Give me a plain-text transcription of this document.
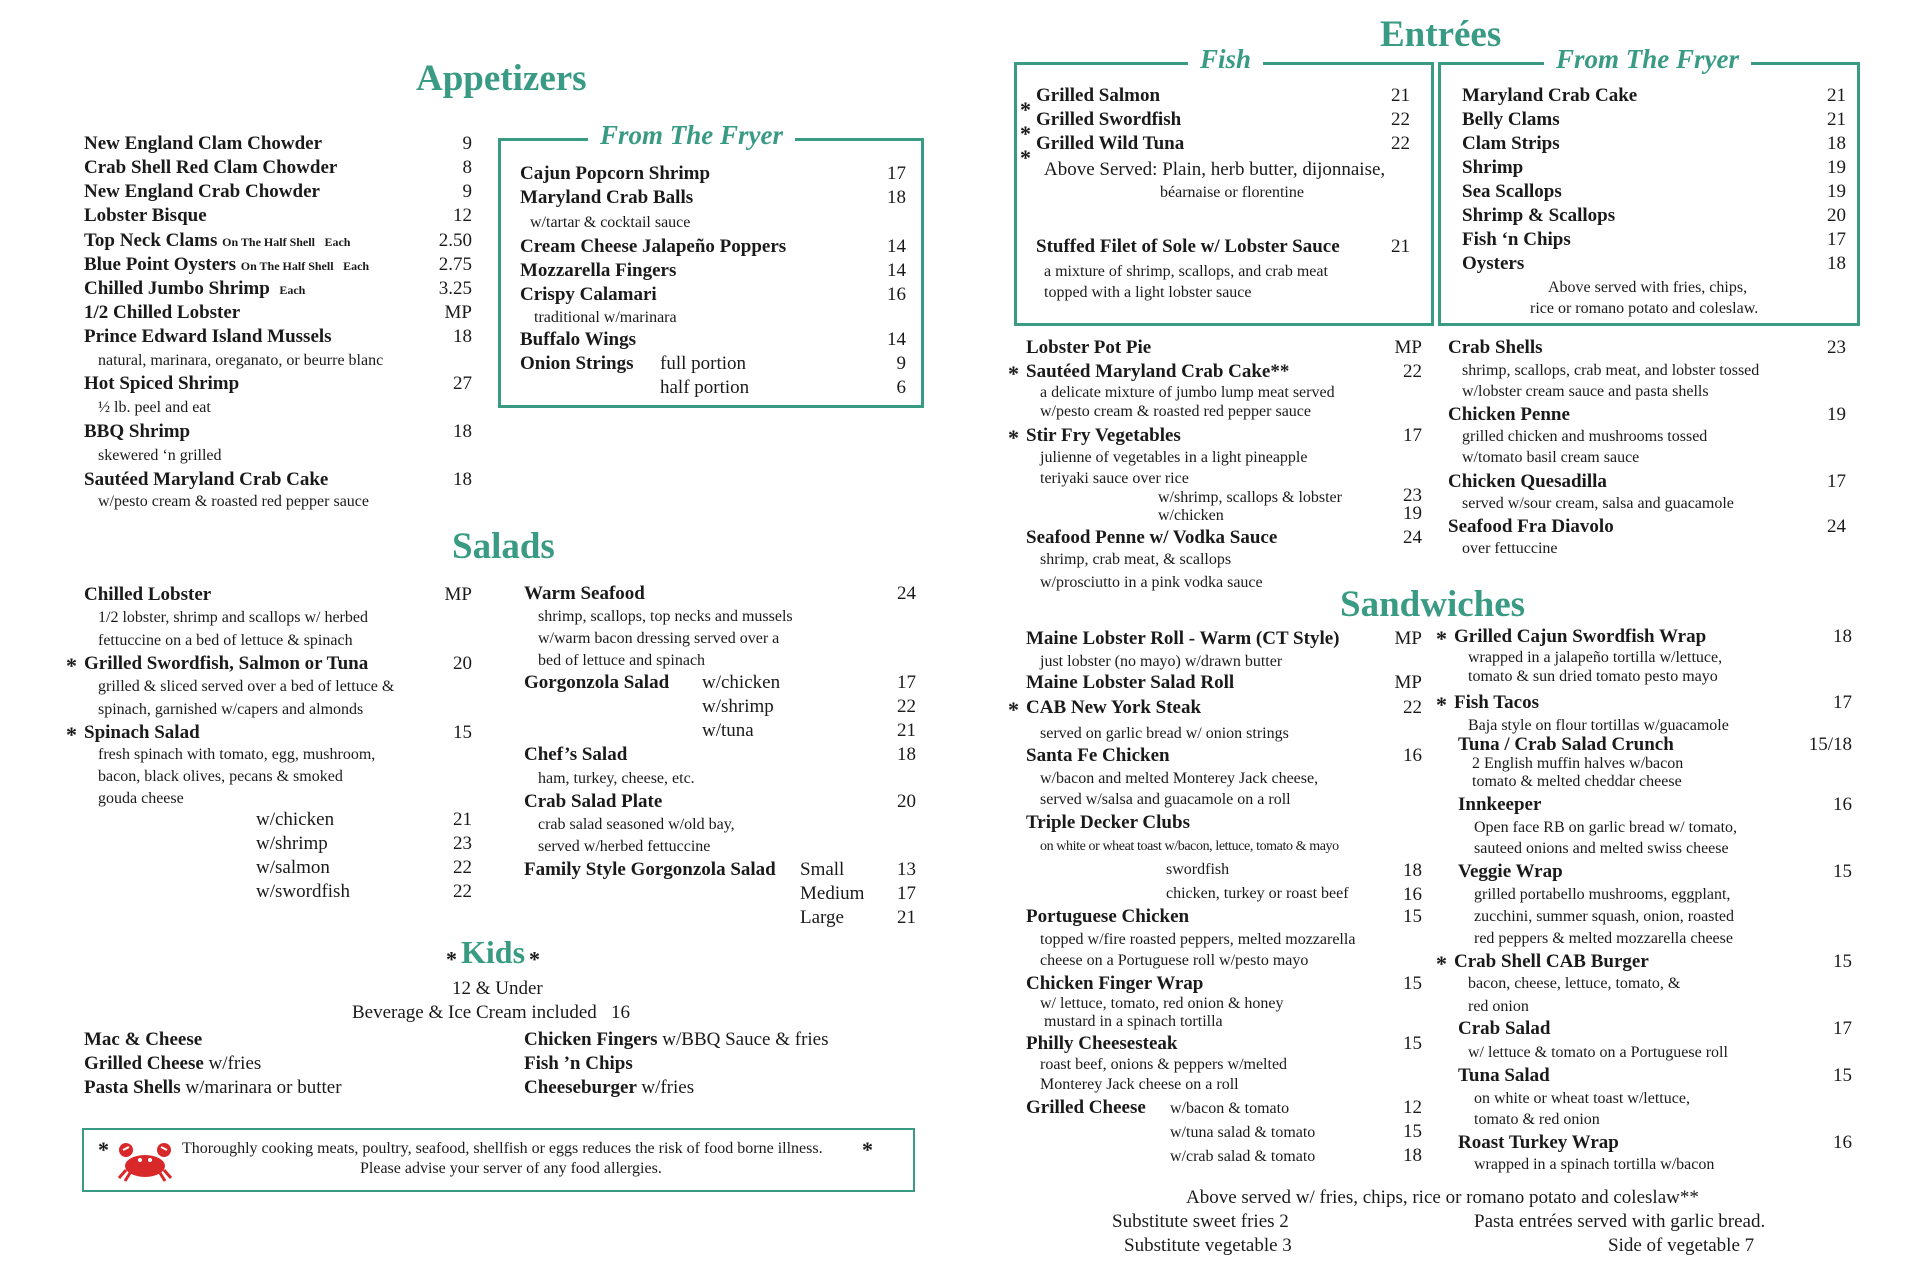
Appetizers
New England Clam Chowder	9
Crab Shell Red Clam Chowder	8
New England Crab Chowder	9
Lobster Bisque	12
Top Neck Clams On The Half Shell Each	2.50
Blue Point Oysters On The Half Shell Each	2.75
Chilled Jumbo Shrimp Each	3.25
1/2 Chilled Lobster	MP
Prince Edward Island Mussels	18
natural, marinara, oreganato, or beurre blanc
Hot Spiced Shrimp	27
½ lb. peel and eat
BBQ Shrimp	18
skewered ‘n grilled
Sautéed Maryland Crab Cake	18
w/pesto cream & roasted red pepper sauce
From The Fryer
Cajun Popcorn Shrimp	17
Maryland Crab Balls	18
w/tartar & cocktail sauce
Cream Cheese Jalapeño Poppers	14
Mozzarella Fingers	14
Crispy Calamari	16
traditional w/marinara
Buffalo Wings	14
Onion Strings full portion	9
half portion	6
Salads
Chilled Lobster	MP
1/2 lobster, shrimp and scallops w/ herbed
fettuccine on a bed of lettuce & spinach
* Grilled Swordfish, Salmon or Tuna	20
grilled & sliced served over a bed of lettuce &
spinach, garnished w/capers and almonds
* Spinach Salad	15
fresh spinach with tomato, egg, mushroom,
bacon, black olives, pecans & smoked
gouda cheese
w/chicken	21
w/shrimp	23
w/salmon	22
w/swordfish	22
Warm Seafood	24
shrimp, scallops, top necks and mussels
w/warm bacon dressing served over a
bed of lettuce and spinach
Gorgonzola Salad w/chicken	17
w/shrimp	22
w/tuna	21
Chef’s Salad	18
ham, turkey, cheese, etc.
Crab Salad Plate	20
crab salad seasoned w/old bay,
served w/herbed fettuccine
Family Style Gorgonzola Salad Small	13
Medium	17
Large	21
* Kids *
12 & Under
Beverage & Ice Cream included 16
Mac & Cheese
Grilled Cheese w/fries
Pasta Shells w/marinara or butter
Chicken Fingers w/BBQ Sauce & fries
Fish ’n Chips
Cheeseburger w/fries
*	Thoroughly cooking meats, poultry, seafood, shellfish or eggs reduces the risk of food borne illness. *
Please advise your server of any food allergies.
Entrées
Fish
*
Grilled Salmon	21
*
Grilled Swordfish	22
*
Grilled Wild Tuna	22
Above Served: Plain, herb butter, dijonnaise,
béarnaise or florentine
Stuffed Filet of Sole w/ Lobster Sauce	21
a mixture of shrimp, scallops, and crab meat
topped with a light lobster sauce
From The Fryer
Maryland Crab Cake	21
Belly Clams	21
Clam Strips	18
Shrimp	19
Sea Scallops	19
Shrimp & Scallops	20
Fish ‘n Chips	17
Oysters	18
Above served with fries, chips,
rice or romano potato and coleslaw.
Lobster Pot Pie	MP
* Sautéed Maryland Crab Cake**	22
a delicate mixture of jumbo lump meat served
w/pesto cream & roasted red pepper sauce
* Stir Fry Vegetables	17
julienne of vegetables in a light pineapple
teriyaki sauce over rice
w/shrimp, scallops & lobster	23
w/chicken	19
Seafood Penne w/ Vodka Sauce	24
shrimp, crab meat, & scallops
w/prosciutto in a pink vodka sauce
Crab Shells	23
shrimp, scallops, crab meat, and lobster tossed
w/lobster cream sauce and pasta shells
Chicken Penne	19
grilled chicken and mushrooms tossed
w/tomato basil cream sauce
Chicken Quesadilla	17
served w/sour cream, salsa and guacamole
Seafood Fra Diavolo	24
over fettuccine
Sandwiches
Maine Lobster Roll - Warm (CT Style)	MP
just lobster (no mayo) w/drawn butter
Maine Lobster Salad Roll	MP
* CAB New York Steak	22
served on garlic bread w/ onion strings
Santa Fe Chicken	16
w/bacon and melted Monterey Jack cheese,
served w/salsa and guacamole on a roll
Triple Decker Clubs
on white or wheat toast w/bacon, lettuce, tomato & mayo
swordfish	18
chicken, turkey or roast beef	16
Portuguese Chicken	15
topped w/fire roasted peppers, melted mozzarella
cheese on a Portuguese roll w/pesto mayo
Chicken Finger Wrap	15
w/ lettuce, tomato, red onion & honey
mustard in a spinach tortilla
Philly Cheesesteak	15
roast beef, onions & peppers w/melted
Monterey Jack cheese on a roll
Grilled Cheese w/bacon & tomato	12
w/tuna salad & tomato	15
w/crab salad & tomato	18
* Grilled Cajun Swordfish Wrap	18
wrapped in a jalapeño tortilla w/lettuce,
tomato & sun dried tomato pesto mayo
* Fish Tacos	17
Baja style on flour tortillas w/guacamole
Tuna / Crab Salad Crunch	15/18
2 English muffin halves w/bacon
tomato & melted cheddar cheese
Innkeeper	16
Open face RB on garlic bread w/ tomato,
sauteed onions and melted swiss cheese
Veggie Wrap	15
grilled portabello mushrooms, eggplant,
zucchini, summer squash, onion, roasted
red peppers & melted mozzarella cheese
* Crab Shell CAB Burger	15
bacon, cheese, lettuce, tomato, &
red onion
Crab Salad	17
w/ lettuce & tomato on a Portuguese roll
Tuna Salad	15
on white or wheat toast w/lettuce,
tomato & red onion
Roast Turkey Wrap	16
wrapped in a spinach tortilla w/bacon
Above served w/ fries, chips, rice or romano potato and coleslaw**
Substitute sweet fries 2
Substitute vegetable 3
Pasta entrées served with garlic bread.
Side of vegetable 7
